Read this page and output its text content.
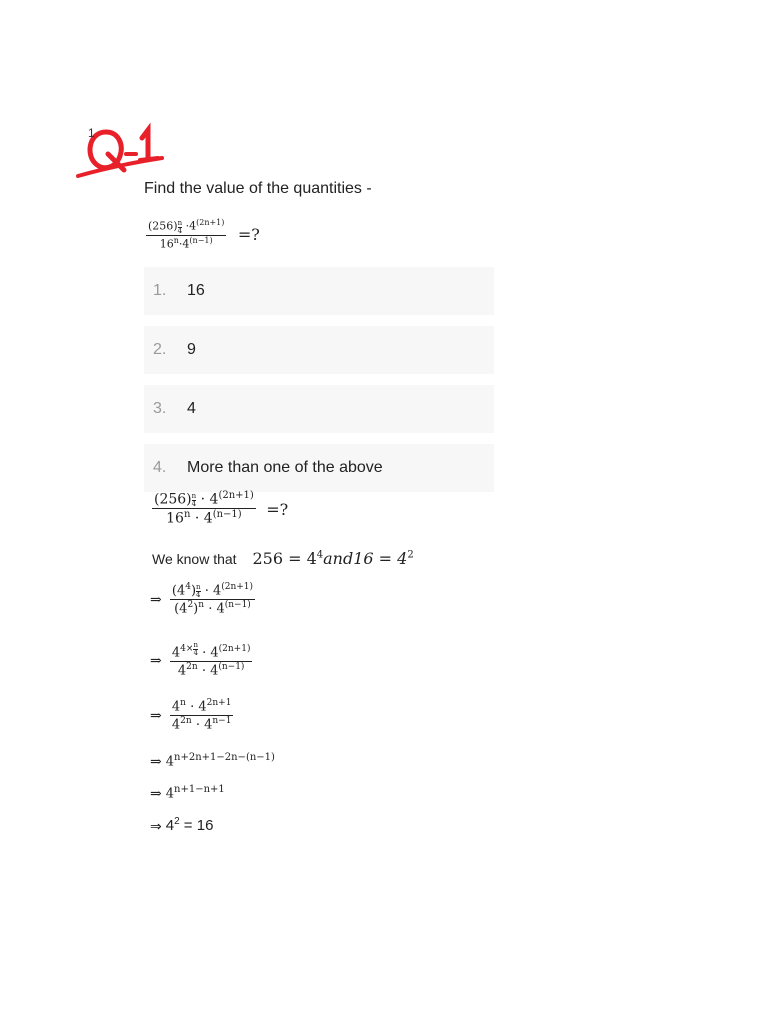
1
Find the value of the quantities -
$\frac{(256) \frac{n}{4} \cdot 4^{(2n+1)}}{16^n\cdot 4^{(n-1)}}$ =?
1.	16
2.	9
3.	4
4.	More than one of the above
$\frac{(256) \frac{n}{4} \cdot 4^{(2n+1)}}{16^n \cdot 4^{(n-1)}}$ =?
We know that $256 = 4^4and16 = 4^2$
⇒ $\frac{(4^4) \frac{n}{4} \cdot 4^{(2n+1)}}{(4^2)^n \cdot 4^{(n-1)}}$
⇒ $4^{4\times \frac{n}{4}} \cdot 4^{(2n+1)}$
$4^{2n} \cdot 4^{(n-1)}$
⇒ $\frac{4^n \cdot 4^{2n+1}}{4^{2n} \cdot 4^{n-1}}$
⇒ $4^{n+2n+1-2n-(n-1)}$
⇒ $4^{n+1-n+1}$
⇒ $4^2 = 16$
